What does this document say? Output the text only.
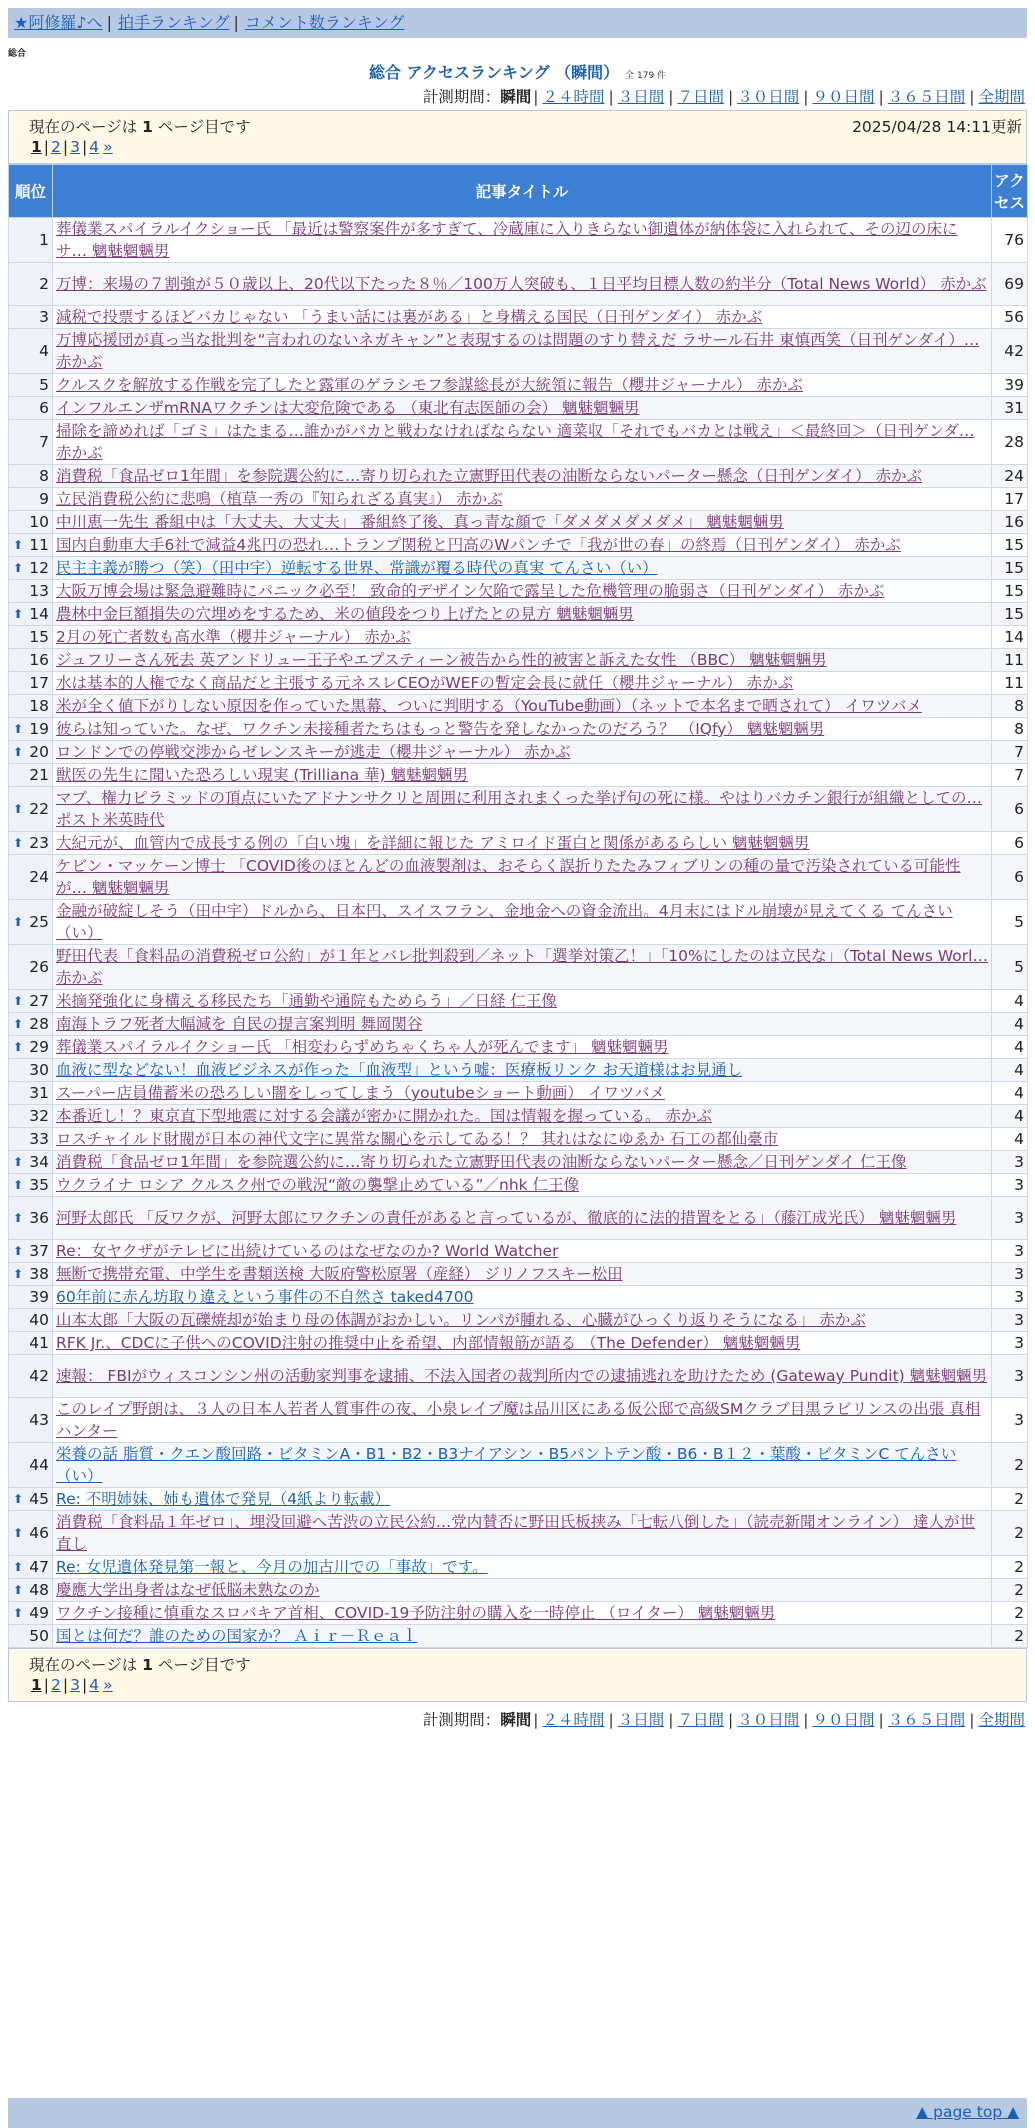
★阿修羅♪へ | 拍手ランキング | コメント数ランキング
総合
総合 アクセスランキング （瞬間） 全 179 件
計測期間：瞬間 | ２４時間 | ３日間 | ７日間 | ３０日間 | ９０日間 | ３６５日間 | 全期間
現在のページは 1 ページ目です	2025/04/28 14:11更新
1 | 2 | 3 | 4 »
順位	記事タイトル	アクセス
1	葬儀業スパイラルイクショー氏 「最近は警察案件が多すぎて、冷蔵庫に入りきらない御遺体が納体袋に入れられて、その辺の床にサ… 魑魅魍魎男	76
2	万博：来場の７割強が５０歳以上、20代以下たった８％／100万人突破も、１日平均目標人数の約半分（Total News World） 赤かぶ	69
3	減税で投票するほどバカじゃない 「うまい話には裏がある」と身構える国民（日刊ゲンダイ） 赤かぶ	56
4	万博応援団が真っ当な批判を“言われのないネガキャン”と表現するのは問題のすり替えだ ラサール石井 東慎西笑（日刊ゲンダイ）… 赤かぶ	42
5	クルスクを解放する作戦を完了したと露軍のゲラシモフ参謀総長が大統領に報告（櫻井ジャーナル） 赤かぶ	39
6	インフルエンザmRNAワクチンは大変危険である （東北有志医師の会） 魑魅魍魎男	31
7	掃除を諦めれば「ゴミ」はたまる…誰かがバカと戦わなければならない 適菜収「それでもバカとは戦え」＜最終回＞（日刊ゲンダ… 赤かぶ	28
8	消費税「食品ゼロ1年間」を参院選公約に…寄り切られた立憲野田代表の油断ならないパーター懸念（日刊ゲンダイ） 赤かぶ	24
9	立民消費税公約に悲鳴（植草一秀の『知られざる真実』） 赤かぶ	17
10	中川恵一先生 番組中は「大丈夫、大丈夫」 番組終了後、真っ青な顔で「ダメダメダメダメ」 魑魅魍魎男	16

⬆ 11	国内自動車大手6社で減益4兆円の恐れ…トランプ関税と円高のWパンチで「我が世の春」の終焉（日刊ゲンダイ） 赤かぶ	15

⬆ 12	民主主義が勝つ（笑）（田中宇）逆転する世界、常識が覆る時代の真実 てんさい（い）	15
13	大阪万博会場は緊急避難時にパニック必至！ 致命的デザイン欠陥で露呈した危機管理の脆弱さ（日刊ゲンダイ） 赤かぶ	15

⬆ 14	農林中金巨額損失の穴埋めをするため、米の値段をつり上げたとの見方 魑魅魍魎男	15
15	2月の死亡者数も高水準（櫻井ジャーナル） 赤かぶ	14
16	ジュフリーさん死去 英アンドリュー王子やエプスティーン被告から性的被害と訴えた女性 （BBC） 魑魅魍魎男	11
17	水は基本的人権でなく商品だと主張する元ネスレCEOがWEFの暫定会長に就任（櫻井ジャーナル） 赤かぶ	11
18	米が全く値下がりしない原因を作っていた黒幕、ついに判明する（YouTube動画）（ネットで本名まで晒されて） イワツバメ	8

⬆ 19	彼らは知っていた。なぜ、ワクチン未接種者たちはもっと警告を発しなかったのだろう？ （IQfy） 魑魅魍魎男	8

⬆ 20	ロンドンでの停戦交渉からゼレンスキーが逃走（櫻井ジャーナル） 赤かぶ	7
21	獣医の先生に聞いた恐ろしい現実 (Trilliana 華) 魑魅魍魎男	7

⬆ 22	マブ、権力ピラミッドの頂点にいたアドナンサクリと周囲に利用されまくった挙げ句の死に様。やはりバカチン銀行が組織としての… ポスト米英時代	6

⬆ 23	大紀元が、血管内で成長する例の「白い塊」を詳細に報じた アミロイド蛋白と関係があるらしい 魑魅魍魎男	6
24	ケビン・マッケーン博士 「COVID後のほとんどの血液製剤は、おそらく誤折りたたみフィブリンの種の量で汚染されている可能性が… 魑魅魍魎男	6

⬆ 25	金融が破綻しそう（田中宇）ドルから、日本円、スイスフラン、金地金への資金流出。4月末にはドル崩壊が見えてくる てんさい（い）	5
26	野田代表「食料品の消費税ゼロ公約」が１年とバレ批判殺到／ネット「選挙対策乙！」「10%にしたのは立民な」（Total News Worl… 赤かぶ	5

⬆ 27	米摘発強化に身構える移民たち「通勤や通院もためらう」／日経 仁王像	4

⬆ 28	南海トラフ死者大幅減を 自民の提言案判明 舞岡関谷	4

⬆ 29	葬儀業スパイラルイクショー氏 「相変わらずめちゃくちゃ人が死んでます」 魑魅魍魎男	4
30	血液に型などない！血液ビジネスが作った「血液型」という嘘：医療板リンク お天道様はお見通し	4
31	スーパー店員備蓄米の恐ろしい闇をしってしまう（youtubeショート動画） イワツバメ	4
32	本番近し！？東京直下型地震に対する会議が密かに開かれた。国は情報を握っている。 赤かぶ	4
33	ロスチャイルド財閥が日本の神代文字に異常な關心を示してゐる！？ 其れはなにゆゑか 石工の都仙臺市	4

⬆ 34	消費税「食品ゼロ1年間」を参院選公約に…寄り切られた立憲野田代表の油断ならないパーター懸念／日刊ゲンダイ 仁王像	3

⬆ 35	ウクライナ ロシア クルスク州での戦況“敵の襲撃止めている”／nhk 仁王像	3

⬆ 36	河野太郎氏 「反ワクが、河野太郎にワクチンの責任があると言っているが、徹底的に法的措置をとる」（藤江成光氏） 魑魅魍魎男	3

⬆ 37	Re：女ヤクザがテレビに出続けているのはなぜなのか? World Watcher	3

⬆ 38	無断で携帯充電、中学生を書類送検 大阪府警松原署（産経） ジリノフスキー松田	3
39	60年前に赤ん坊取り違えという事件の不自然さ taked4700	3
40	山本太郎「大阪の瓦礫焼却が始まり母の体調がおかしい。リンパが腫れる、心臓がひっくり返りそうになる」 赤かぶ	3
41	RFK Jr.、CDCに子供へのCOVID注射の推奨中止を希望、内部情報筋が語る （The Defender） 魑魅魍魎男	3
42	速報： FBIがウィスコンシン州の活動家判事を逮捕、不法入国者の裁判所内での逮捕逃れを助けたため (Gateway Pundit) 魑魅魍魎男	3
43	このレイプ野朗は、３人の日本人若者人質事件の夜、小泉レイプ魔は品川区にある仮公邸で高級SMクラブ目黒ラビリンスの出張 真相ハンター	3
44	栄養の話 脂質・クエン酸回路・ビタミンA・B1・B2・B3ナイアシン・B5パントテン酸・B6・B１２・葉酸・ビタミンC てんさい（い）	2

⬆ 45	Re: 不明姉妹、姉も遺体で発見（4紙より転載）	2

⬆ 46	消費税「食料品１年ゼロ」、埋没回避へ苦渋の立民公約…党内賛否に野田氏板挟み「七転八倒した」（読売新聞オンライン） 達人が世直し	2

⬆ 47	Re: 女児遺体発見第一報と、今月の加古川での「事故」です。	2

⬆ 48	慶應大学出身者はなぜ低脳未熟なのか	2

⬆ 49	ワクチン接種に慎重なスロバキア首相、COVID-19予防注射の購入を一時停止 （ロイター） 魑魅魍魎男	2
50	国とは何だ？誰のための国家か？ Ａｉｒ－Ｒｅａｌ	2
現在のページは 1 ページ目です
1 | 2 | 3 | 4 »
計測期間：瞬間 | ２４時間 | ３日間 | ７日間 | ３０日間 | ９０日間 | ３６５日間 | 全期間
▲ page top ▲
